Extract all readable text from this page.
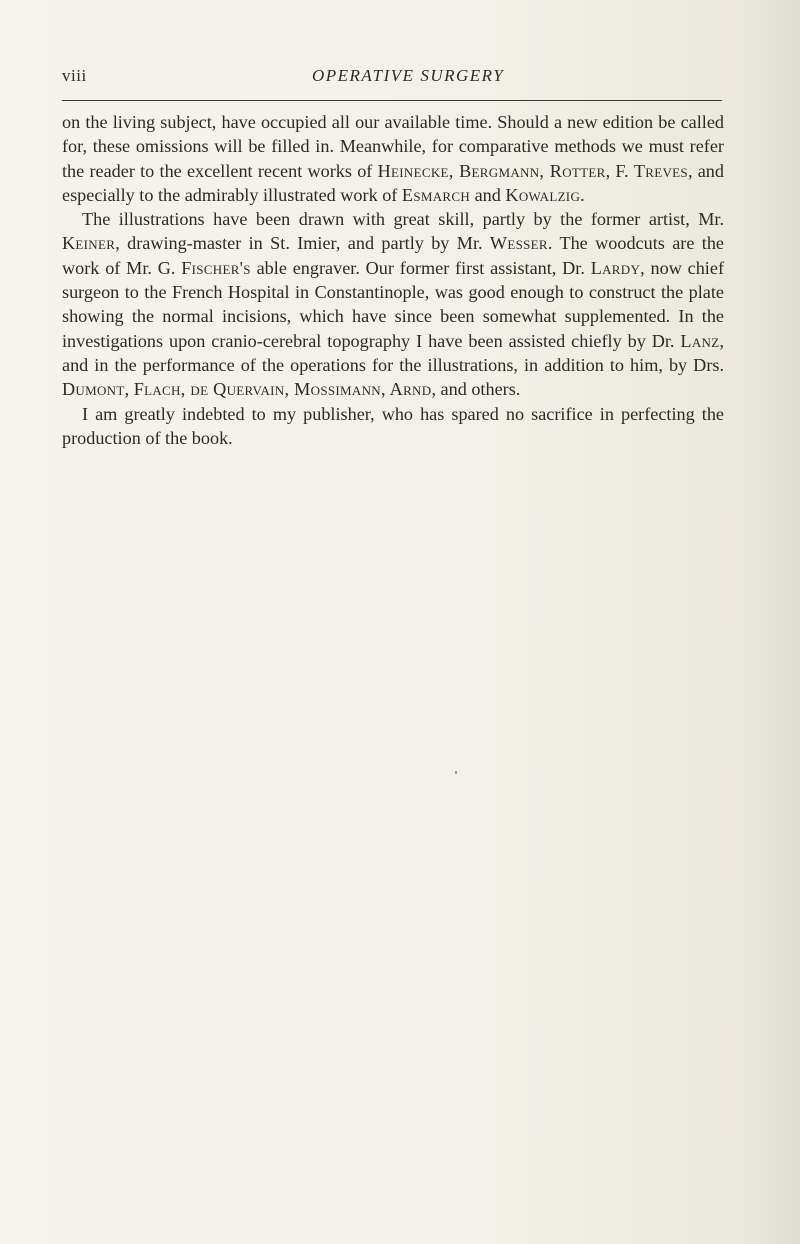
viii	OPERATIVE SURGERY

on the living subject, have occupied all our available time. Should a new edition be called for, these omissions will be filled in. Meanwhile, for comparative methods we must refer the reader to the excellent recent works of Heinecke, Bergmann, Rotter, F. Treves, and especially to the admirably illustrated work of Esmarch and Kowalzig.

The illustrations have been drawn with great skill, partly by the former artist, Mr. Keiner, drawing-master in St. Imier, and partly by Mr. Wesser. The woodcuts are the work of Mr. G. Fischer's able engraver. Our former first assistant, Dr. Lardy, now chief surgeon to the French Hospital in Constantinople, was good enough to construct the plate showing the normal incisions, which have since been somewhat supplemented. In the investigations upon cranio-cerebral topography I have been assisted chiefly by Dr. Lanz, and in the performance of the operations for the illustrations, in addition to him, by Drs. Dumont, Flach, de Quervain, Mossimann, Arnd, and others.

I am greatly indebted to my publisher, who has spared no sacrifice in perfecting the production of the book.
